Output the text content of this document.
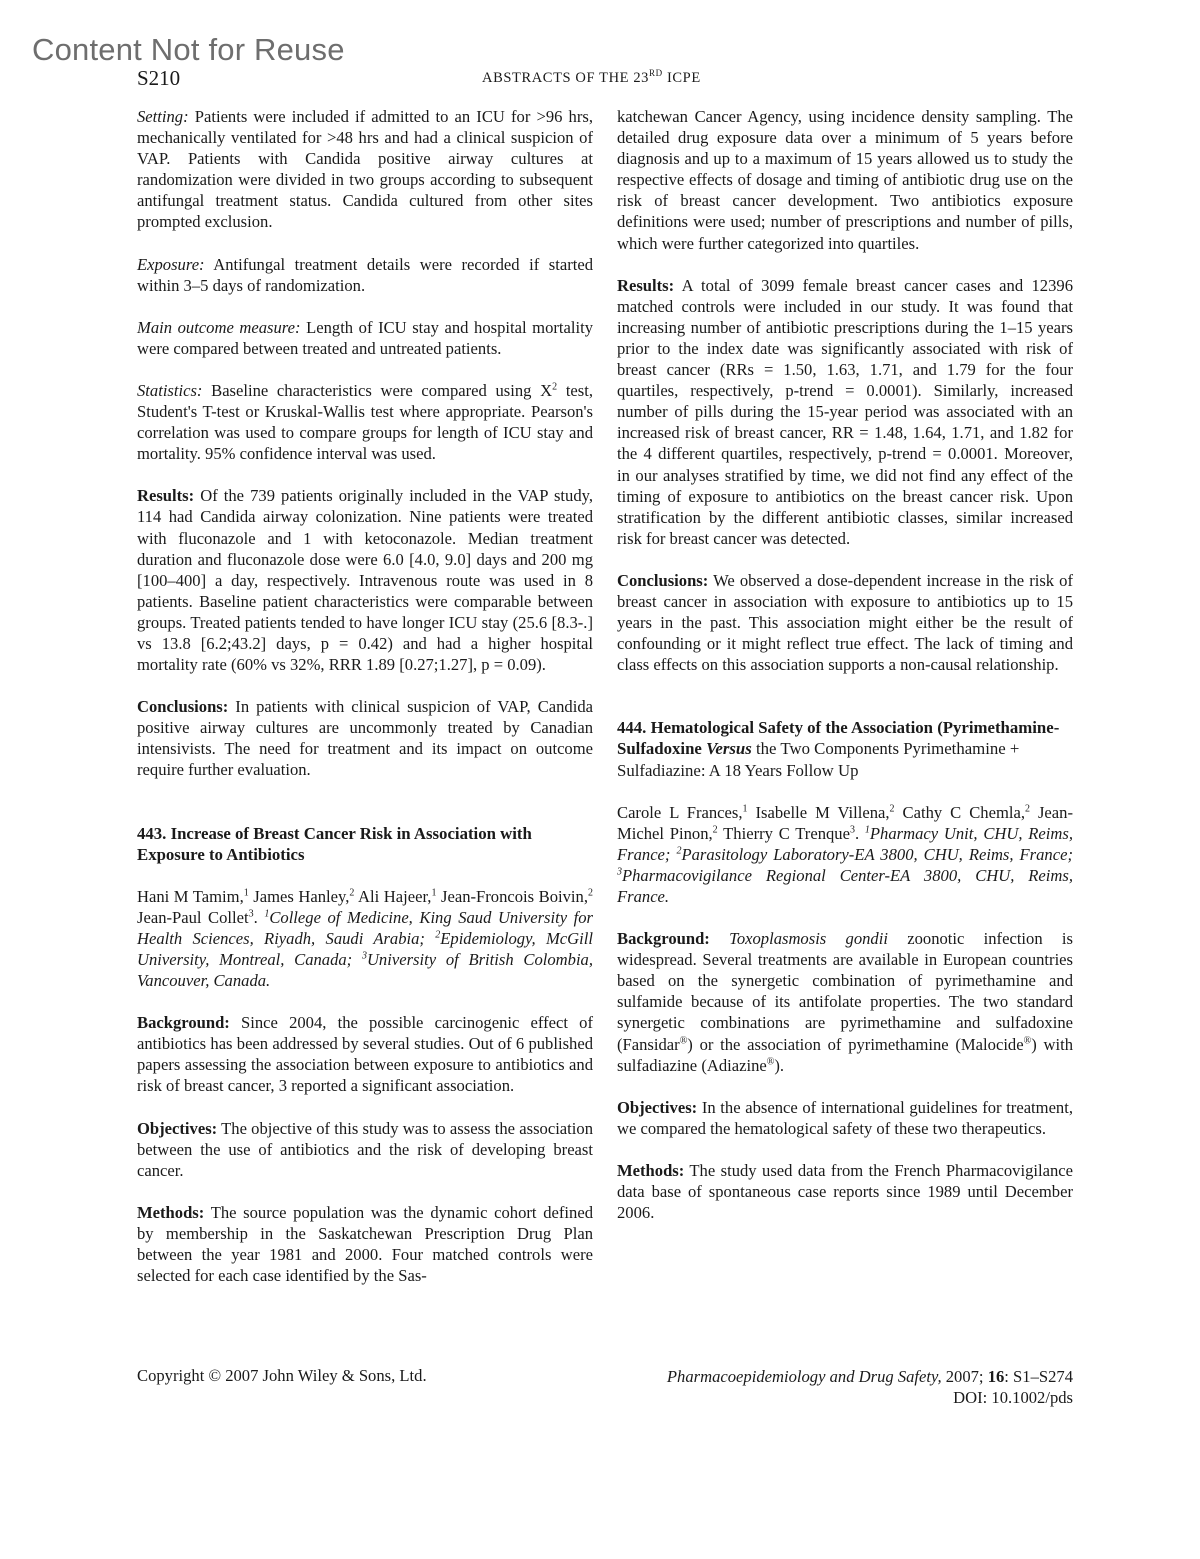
Content Not for Reuse
S210	ABSTRACTS OF THE 23RD ICPE

Setting: Patients were included if admitted to an ICU for >96 hrs, mechanically ventilated for >48 hrs and had a clinical suspicion of VAP. Patients with Candida positive airway cultures at randomization were divided in two groups according to subsequent antifungal treatment status. Candida cultured from other sites prompted exclusion.

Exposure: Antifungal treatment details were recorded if started within 3–5 days of randomization.

Main outcome measure: Length of ICU stay and hospital mortality were compared between treated and untreated patients.

Statistics: Baseline characteristics were compared using $X^2$ test, Student's T-test or Kruskal-Wallis test where appropriate. Pearson's correlation was used to compare groups for length of ICU stay and mortality. 95% confidence interval was used.

Results: Of the 739 patients originally included in the VAP study, 114 had Candida airway colonization. Nine patients were treated with fluconazole and 1 with ketoconazole. Median treatment duration and fluconazole dose were 6.0 [4.0, 9.0] days and 200 mg [100–400] a day, respectively. Intravenous route was used in 8 patients. Baseline patient characteristics were comparable between groups. Treated patients tended to have longer ICU stay (25.6 [8.3-.] vs 13.8 [6.2;43.2] days, p = 0.42) and had a higher hospital mortality rate (60% vs 32%, RRR 1.89 [0.27;1.27], p = 0.09).

Conclusions: In patients with clinical suspicion of VAP, Candida positive airway cultures are uncommonly treated by Canadian intensivists. The need for treatment and its impact on outcome require further evaluation.

443. Increase of Breast Cancer Risk in Association with Exposure to Antibiotics

Hani M Tamim,$^1$ James Hanley,$^2$ Ali Hajeer,$^1$ Jean-Froncois Boivin,$^2$ Jean-Paul Collet$^3$. $^1$College of Medicine, King Saud University for Health Sciences, Riyadh, Saudi Arabia; $^2$Epidemiology, McGill University, Montreal, Canada; $^3$University of British Colombia, Vancouver, Canada.

Background: Since 2004, the possible carcinogenic effect of antibiotics has been addressed by several studies. Out of 6 published papers assessing the association between exposure to antibiotics and risk of breast cancer, 3 reported a significant association.

Objectives: The objective of this study was to assess the association between the use of antibiotics and the risk of developing breast cancer.

Methods: The source population was the dynamic cohort defined by membership in the Saskatchewan Prescription Drug Plan between the year 1981 and 2000. Four matched controls were selected for each case identified by the Sas-

katchewan Cancer Agency, using incidence density sampling. The detailed drug exposure data over a minimum of 5 years before diagnosis and up to a maximum of 15 years allowed us to study the respective effects of dosage and timing of antibiotic drug use on the risk of breast cancer development. Two antibiotics exposure definitions were used; number of prescriptions and number of pills, which were further categorized into quartiles.

Results: A total of 3099 female breast cancer cases and 12396 matched controls were included in our study. It was found that increasing number of antibiotic prescriptions during the 1–15 years prior to the index date was significantly associated with risk of breast cancer (RRs = 1.50, 1.63, 1.71, and 1.79 for the four quartiles, respectively, p-trend = 0.0001). Similarly, increased number of pills during the 15-year period was associated with an increased risk of breast cancer, RR = 1.48, 1.64, 1.71, and 1.82 for the 4 different quartiles, respectively, p-trend = 0.0001. Moreover, in our analyses stratified by time, we did not find any effect of the timing of exposure to antibiotics on the breast cancer risk. Upon stratification by the different antibiotic classes, similar increased risk for breast cancer was detected.

Conclusions: We observed a dose-dependent increase in the risk of breast cancer in association with exposure to antibiotics up to 15 years in the past. This association might either be the result of confounding or it might reflect true effect. The lack of timing and class effects on this association supports a non-causal relationship.

444. Hematological Safety of the Association (Pyrimethamine-Sulfadoxine Versus the Two Components Pyrimethamine + Sulfadiazine: A 18 Years Follow Up

Carole L Frances,$^1$ Isabelle M Villena,$^2$ Cathy C Chemla,$^2$ Jean-Michel Pinon,$^2$ Thierry C Trenque$^3$. $^1$Pharmacy Unit, CHU, Reims, France; $^2$Parasitology Laboratory-EA 3800, CHU, Reims, France; $^3$Pharmacovigilance Regional Center-EA 3800, CHU, Reims, France.

Background: Toxoplasmosis gondii zoonotic infection is widespread. Several treatments are available in European countries based on the synergetic combination of pyrimethamine and sulfamide because of its antifolate properties. The two standard synergetic combinations are pyrimethamine and sulfadoxine (Fansidar®) or the association of pyrimethamine (Malocide®) with sulfadiazine (Adiazine®).

Objectives: In the absence of international guidelines for treatment, we compared the hematological safety of these two therapeutics.

Methods: The study used data from the French Pharmacovigilance data base of spontaneous case reports since 1989 until December 2006.

Copyright © 2007 John Wiley & Sons, Ltd.	Pharmacoepidemiology and Drug Safety, 2007; 16: S1–S274
DOI: 10.1002/pds
